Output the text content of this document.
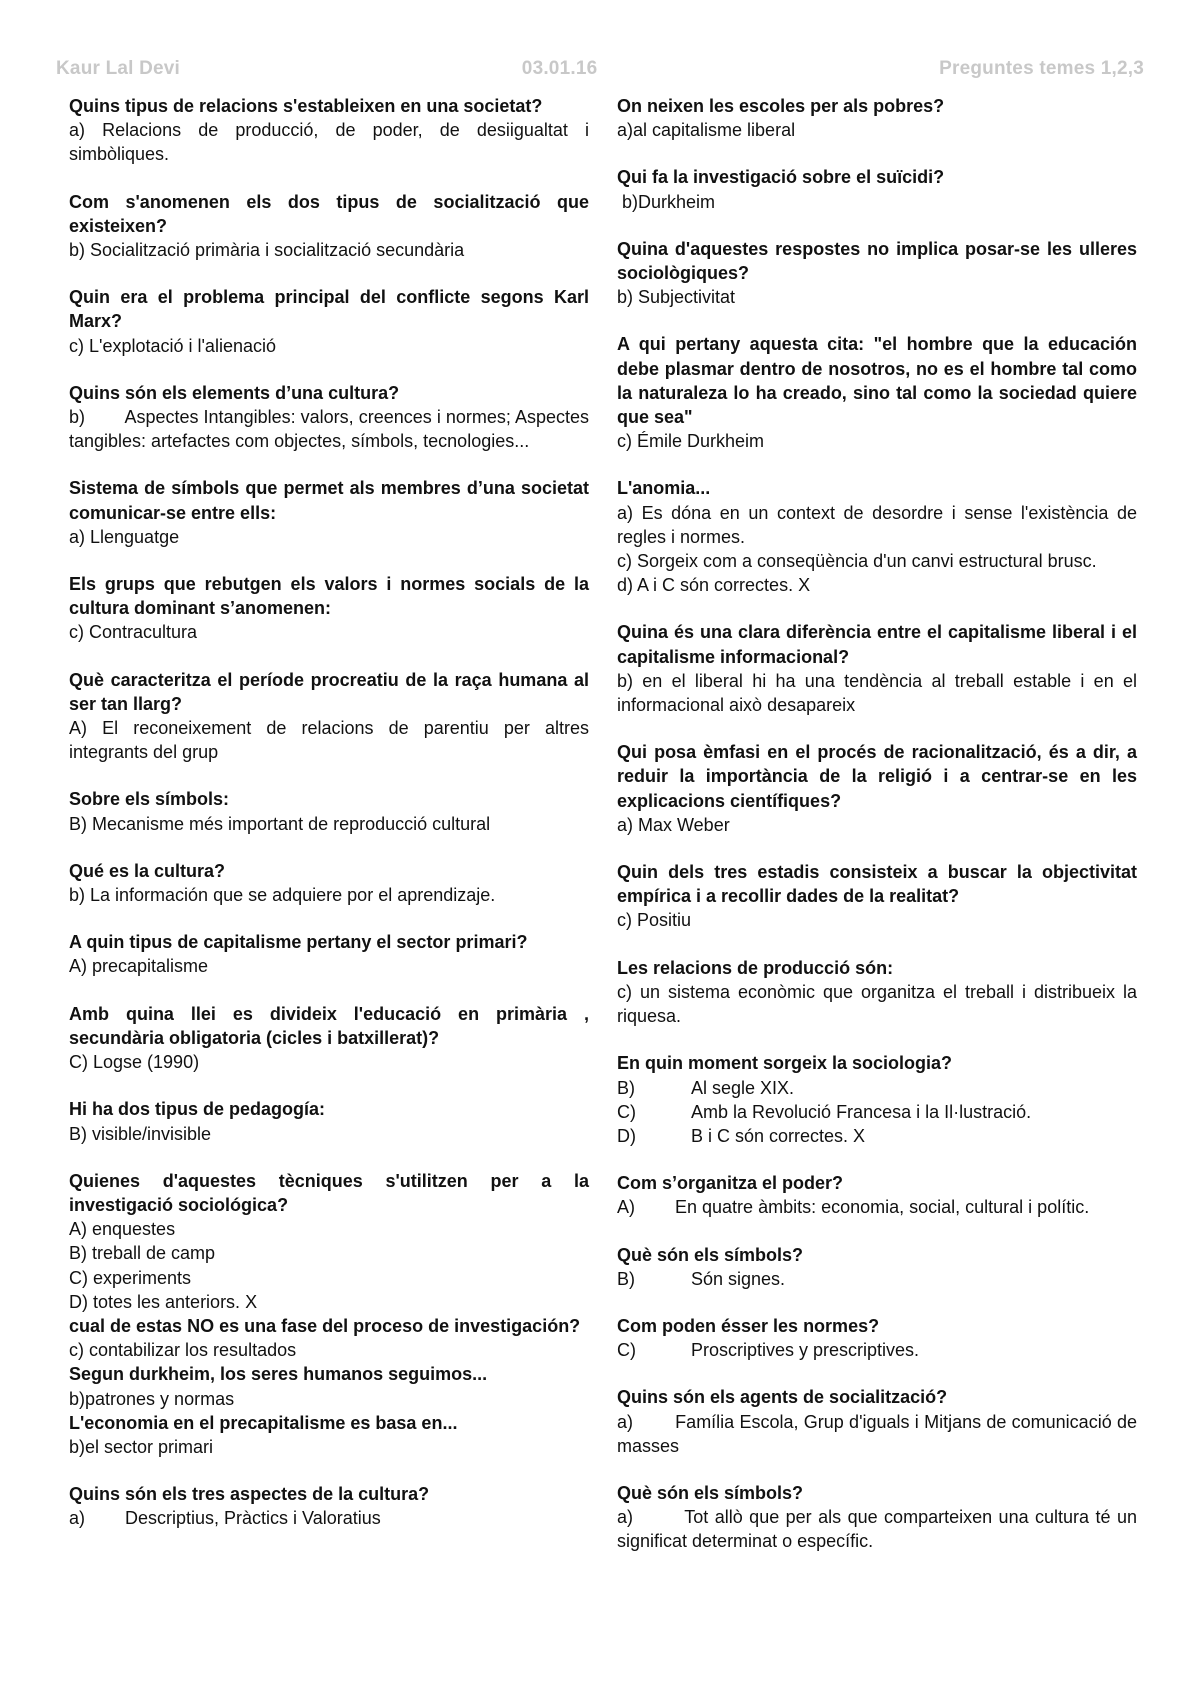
Kaur Lal Devi	03.01.16	Preguntes temes 1,2,3
Quins tipus de relacions s'estableixen en una societat?
a) Relacions de producció, de poder, de desiigualtat i simbòliques.
Com s'anomenen els dos tipus de socialització que existeixen?
b) Socialització primària i socialització secundària
Quin era el problema principal del conflicte segons Karl Marx?
c) L'explotació i l'alienació
Quins són els elements d’una cultura?
b)        Aspectes Intangibles: valors, creences i normes; Aspectes tangibles: artefactes com objectes, símbols, tecnologies...
Sistema de símbols que permet als membres d’una societat comunicar-se entre ells:
a) Llenguatge
Els grups que rebutgen els valors i normes socials de la cultura dominant s’anomenen:
c) Contracultura
Què caracteritza el període procreatiu de la raça humana al ser tan llarg?
A) El reconeixement de relacions de parentiu per altres integrants del grup
Sobre els símbols:
B) Mecanisme més important de reproducció cultural
Qué es la cultura?
b) La información que se adquiere por el aprendizaje.
A quin tipus de capitalisme pertany el sector primari?
A) precapitalisme
Amb quina llei es divideix l'educació en primària , secundària obligatoria (cicles i batxillerat)?
C) Logse (1990)
Hi ha dos tipus de pedagogía:
B) visible/invisible
Quienes d'aquestes tècniques s'utilitzen per a la investigació sociológica?
A) enquestes
B) treball de camp
C) experiments
D) totes les anteriors. X
cual de estas NO es una fase del proceso de investigación?
c) contabilizar los resultados
Segun durkheim, los seres humanos seguimos...
b)patrones y normas
L'economia en el precapitalisme es basa en...
b)el sector primari
Quins són els tres aspectes de la cultura?
a)        Descriptius, Pràctics i Valoratius
On neixen les escoles per als pobres?
a)al capitalisme liberal
Qui fa la investigació sobre el suïcidi?
b)Durkheim
Quina d'aquestes respostes no implica posar-se les ulleres sociològiques?
b) Subjectivitat
A qui pertany aquesta cita: "el hombre que la educación debe plasmar dentro de nosotros, no es el hombre tal como la naturaleza lo ha creado, sino tal como la sociedad quiere que sea"
c) Émile Durkheim
L'anomia...
a) Es dóna en un context de desordre i sense l'existència de regles i normes.
c) Sorgeix com a conseqüència d'un canvi estructural brusc.
d) A i C són correctes. X
Quina és una clara diferència entre el capitalisme liberal i el capitalisme informacional?
b) en el liberal hi ha una tendència al treball estable i en el informacional això desapareix
Qui posa èmfasi en el procés de racionalització, és a dir, a reduir la importància de la religió i a centrar-se en les explicacions científiques?
a) Max Weber
Quin dels tres estadis consisteix a buscar la objectivitat empírica i a recollir dades de la realitat?
c) Positiu
Les relacions de producció són:
c) un sistema econòmic que organitza el treball i distribueix la riquesa.
En quin moment sorgeix la sociologia?
B)	Al segle XIX.
C)	Amb la Revolució Francesa i la Il·lustració.
D)	B i C són correctes. X
Com s’organitza el poder?
A)        En quatre àmbits: economia, social, cultural i polític.
Què són els símbols?
B)	Són signes.
Com poden ésser les normes?
C)	Proscriptives y prescriptives.
Quins són els agents de socialització?
a)        Família Escola, Grup d'iguals i Mitjans de comunicació de masses
Què són els símbols?
a)        Tot allò que per als que comparteixen una cultura té un significat determinat o específic.
